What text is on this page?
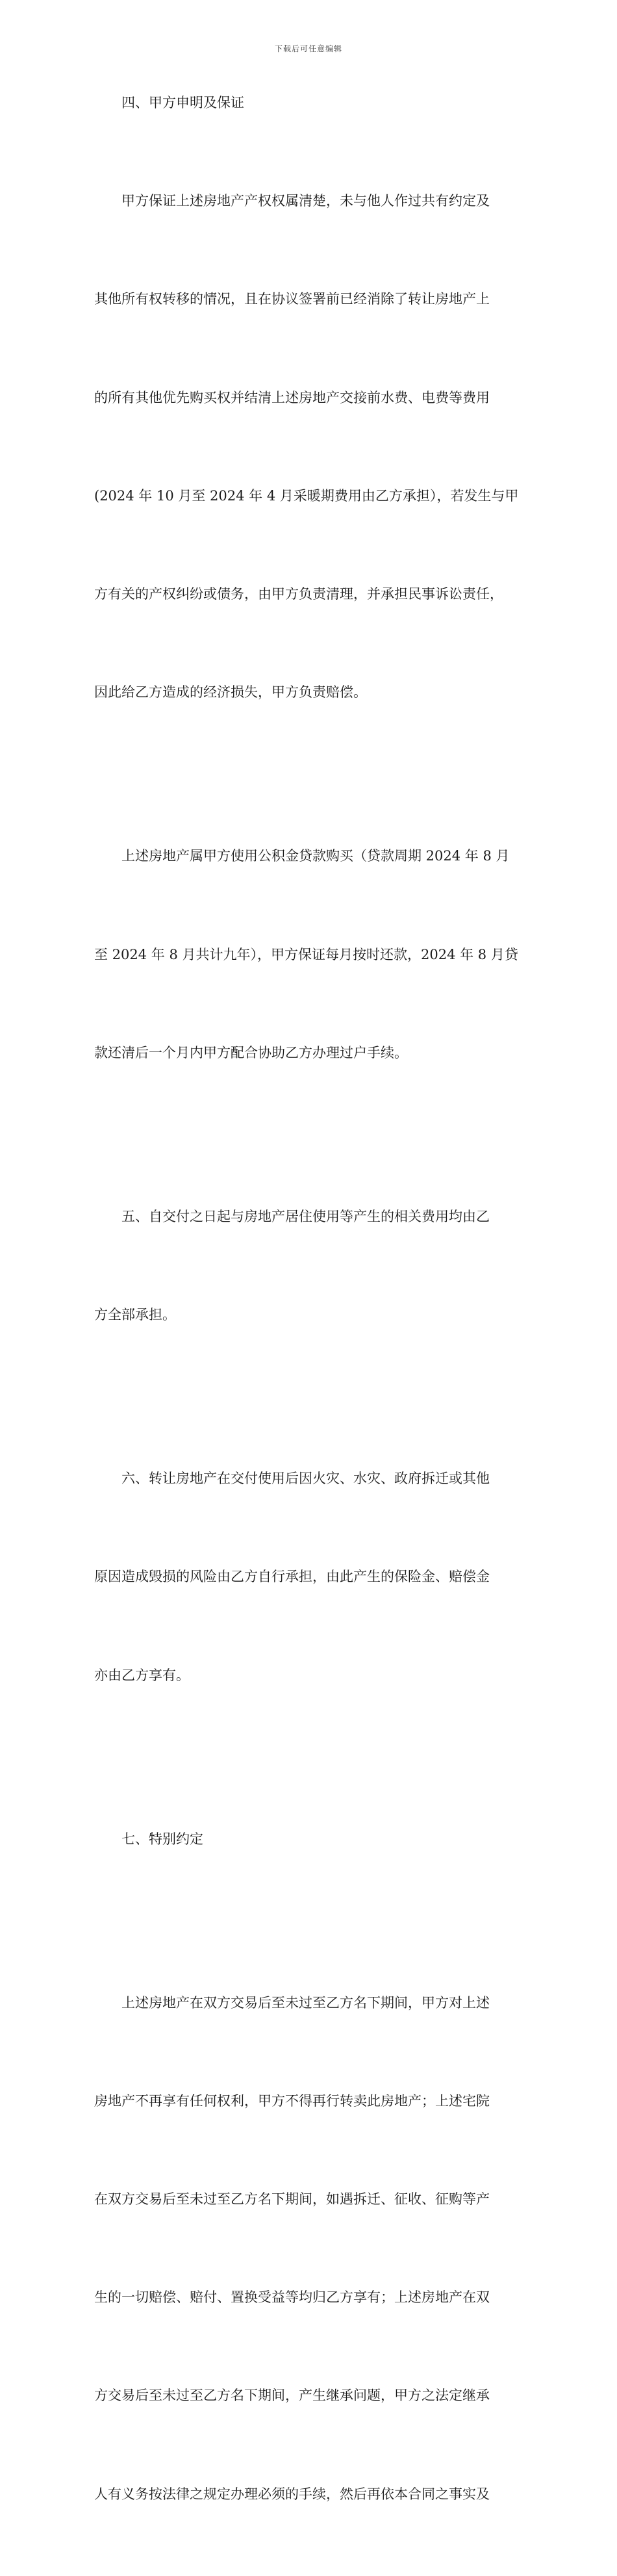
下载后可任意编辑

四、甲方申明及保证

甲方保证上述房地产产权权属清楚，未与他人作过共有约定及

其他所有权转移的情况，且在协议签署前已经消除了转让房地产上

的所有其他优先购买权并结清上述房地产交接前水费、电费等费用

(2024 年 10 月至 2024 年 4 月采暖期费用由乙方承担），若发生与甲

方有关的产权纠纷或债务，由甲方负责清理，并承担民事诉讼责任，

因此给乙方造成的经济损失，甲方负责赔偿。

上述房地产属甲方使用公积金贷款购买（贷款周期 2024 年 8 月

至 2024 年 8 月共计九年），甲方保证每月按时还款，2024 年 8 月贷

款还清后一个月内甲方配合协助乙方办理过户手续。

五、自交付之日起与房地产居住使用等产生的相关费用均由乙

方全部承担。

六、转让房地产在交付使用后因火灾、水灾、政府拆迁或其他

原因造成毁损的风险由乙方自行承担，由此产生的保险金、赔偿金

亦由乙方享有。

七、特别约定

上述房地产在双方交易后至未过至乙方名下期间，甲方对上述

房地产不再享有任何权利，甲方不得再行转卖此房地产；上述宅院

在双方交易后至未过至乙方名下期间，如遇拆迁、征收、征购等产

生的一切赔偿、赔付、置换受益等均归乙方享有；上述房地产在双

方交易后至未过至乙方名下期间，产生继承问题，甲方之法定继承

人有义务按法律之规定办理必须的手续，然后再依本合同之事实及
